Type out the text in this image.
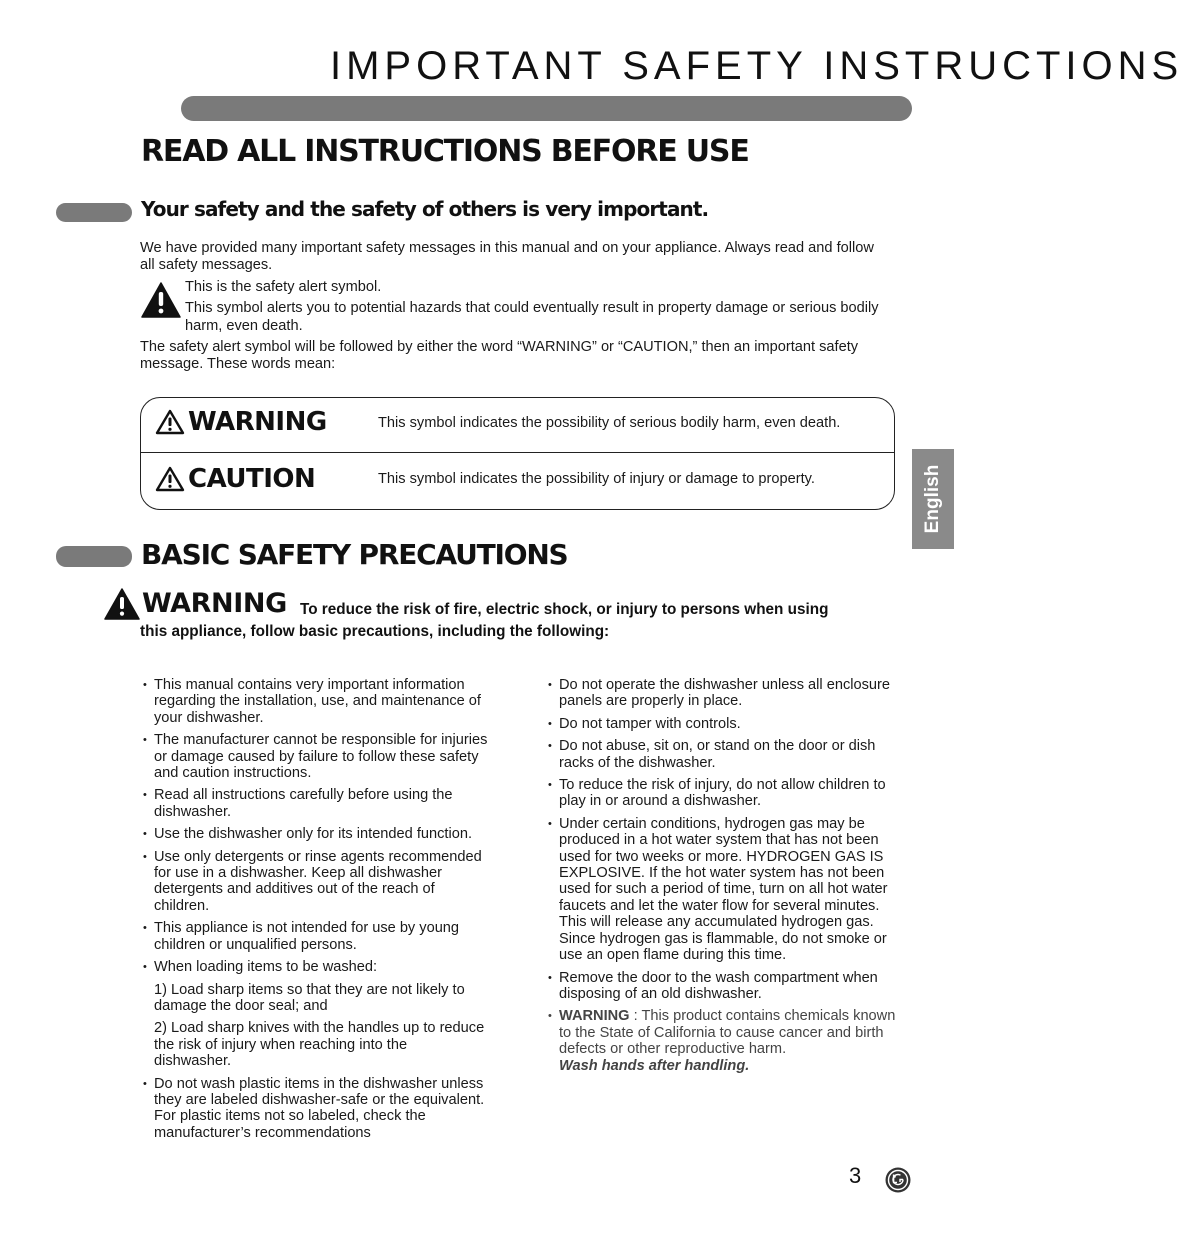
IMPORTANT SAFETY INSTRUCTIONS
READ ALL INSTRUCTIONS BEFORE USE
Your safety and the safety of others is very important.
We have provided many important safety messages in this manual and on your appliance. Always read and follow all safety messages.
This is the safety alert symbol.
This symbol alerts you to potential hazards that could eventually result in property damage or serious bodily harm, even death.
The safety alert symbol will be followed by either the word “WARNING” or “CAUTION,” then an important safety message. These words mean:
WARNING	This symbol indicates the possibility of serious bodily harm, even death.
CAUTION	This symbol indicates the possibility of injury or damage to property.	English
BASIC SAFETY PRECAUTIONS
WARNING To reduce the risk of fire, electric shock, or injury to persons when using
this appliance, follow basic precautions, including the following:
• This manual contains very important information regarding the installation, use, and maintenance of your dishwasher.
• The manufacturer cannot be responsible for injuries or damage caused by failure to follow these safety and caution instructions.
• Read all instructions carefully before using the dishwasher.
• Use the dishwasher only for its intended function.
• Use only detergents or rinse agents recommended for use in a dishwasher. Keep all dishwasher detergents and additives out of the reach of children.
• This appliance is not intended for use by young children or unqualified persons.
• When loading items to be washed:
1) Load sharp items so that they are not likely to damage the door seal; and
2) Load sharp knives with the handles up to reduce the risk of injury when reaching into the dishwasher.
• Do not wash plastic items in the dishwasher unless they are labeled dishwasher-safe or the equivalent. For plastic items not so labeled, check the manufacturer’s recommendations
• Do not operate the dishwasher unless all enclosure panels are properly in place.
• Do not tamper with controls.
• Do not abuse, sit on, or stand on the door or dish racks of the dishwasher.
• To reduce the risk of injury, do not allow children to play in or around a dishwasher.
• Under certain conditions, hydrogen gas may be produced in a hot water system that has not been used for two weeks or more. HYDROGEN GAS IS EXPLOSIVE. If the hot water system has not been used for such a period of time, turn on all hot water faucets and let the water flow for several minutes. This will release any accumulated hydrogen gas. Since hydrogen gas is flammable, do not smoke or use an open flame during this time.
• Remove the door to the wash compartment when disposing of an old dishwasher.
• WARNING : This product contains chemicals known to the State of California to cause cancer and birth defects or other reproductive harm.
Wash hands after handling.
3
